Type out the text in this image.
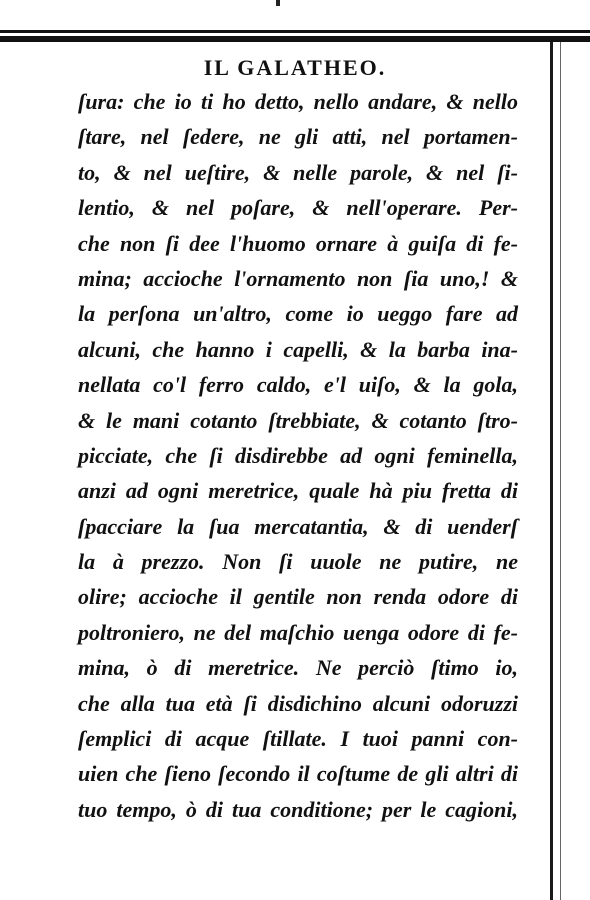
IL GALATHEO.
ſura: che io ti ho detto, nello andare, & nello
ſtare, nel ſedere, ne gli atti, nel portamen-
to, & nel ueſtire, & nelle parole, & nel ſi-
lentio, & nel poſare, & nell'operare. Per-
che non ſi dee l'huomo ornare à guiſa di fe-
mina; accioche l'ornamento non ſia uno,! &
la perſona un'altro, come io ueggo fare ad
alcuni, che hanno i capelli, & la barba ina-
nellata co'l ferro caldo, e'l uiſo, & la gola,
& le mani cotanto ſtrebbiate, & cotanto ſtro-
picciate, che ſi disdirebbe ad ogni feminella,
anzi ad ogni meretrice, quale hà piu fretta di
ſpacciare la ſua mercatantia, & di uenderſ
la à prezzo. Non ſi uuole ne putire, ne
olire; accioche il gentile non renda odore di
poltroniero, ne del maſchio uenga odore di fe-
mina, ò di meretrice. Ne perciò ſtimo io,
che alla tua età ſi disdichino alcuni odoruzzi
ſemplici di acque ſtillate. I tuoi panni con-
uien che ſieno ſecondo il coſtume de gli altri di
tuo tempo, ò di tua conditione; per le cagioni,
